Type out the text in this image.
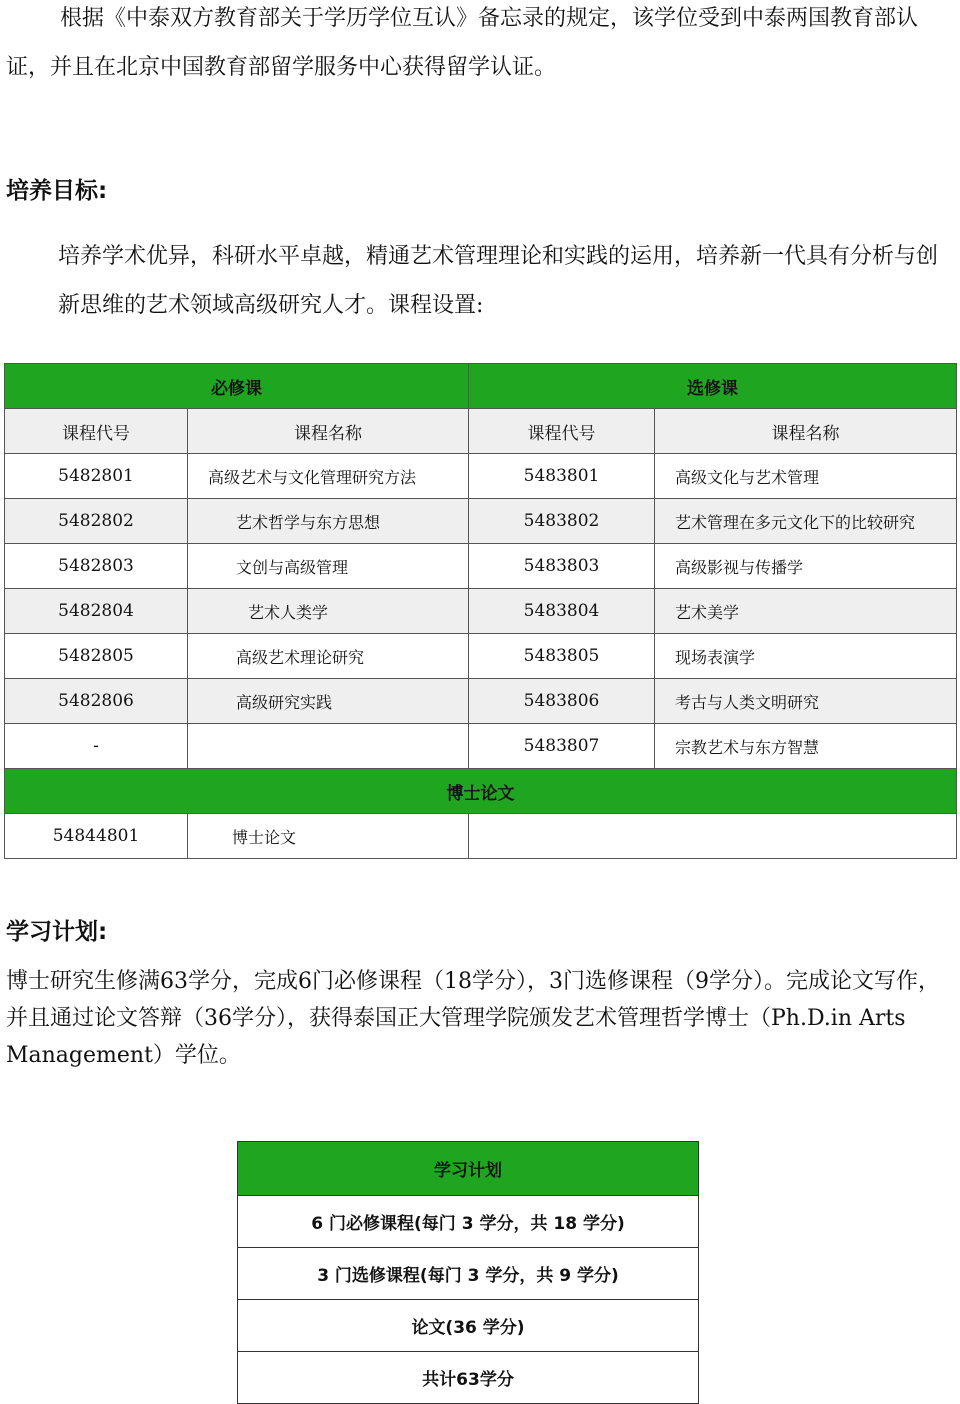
根据《中泰双方教育部关于学历学位互认》备忘录的规定，该学位受到中泰两国教育部认证，并且在北京中国教育部留学服务中心获得留学认证。

培养目标:

培养学术优异，科研水平卓越，精通艺术管理理论和实践的运用，培养新一代具有分析与创新思维的艺术领域高级研究人才。课程设置:

必修课		选修课	
课程代号	课程名称	课程代号	课程名称
5482801	高级艺术与文化管理研究方法	5483801	高级文化与艺术管理
5482802	艺术哲学与东方思想	5483802	艺术管理在多元文化下的比较研究
5482803	文创与高级管理	5483803	高级影视与传播学
5482804	艺术人类学	5483804	艺术美学
5482805	高级艺术理论研究	5483805	现场表演学
5482806	高级研究实践	5483806	考古与人类文明研究
-		5483807	宗教艺术与东方智慧
博士论文			
54844801	博士论文		
学习计划:

博士研究生修满63学分，完成6门必修课程（18学分），3门选修课程（9学分）。完成论文写作，并且通过论文答辩（36学分），获得泰国正大管理学院颁发艺术管理哲学博士（Ph.D.in Arts Management）学位。

学习计划
6 门必修课程(每门 3 学分，共 18 学分)
3 门选修课程(每门 3 学分，共 9 学分)
论文(36 学分)
共计63学分
